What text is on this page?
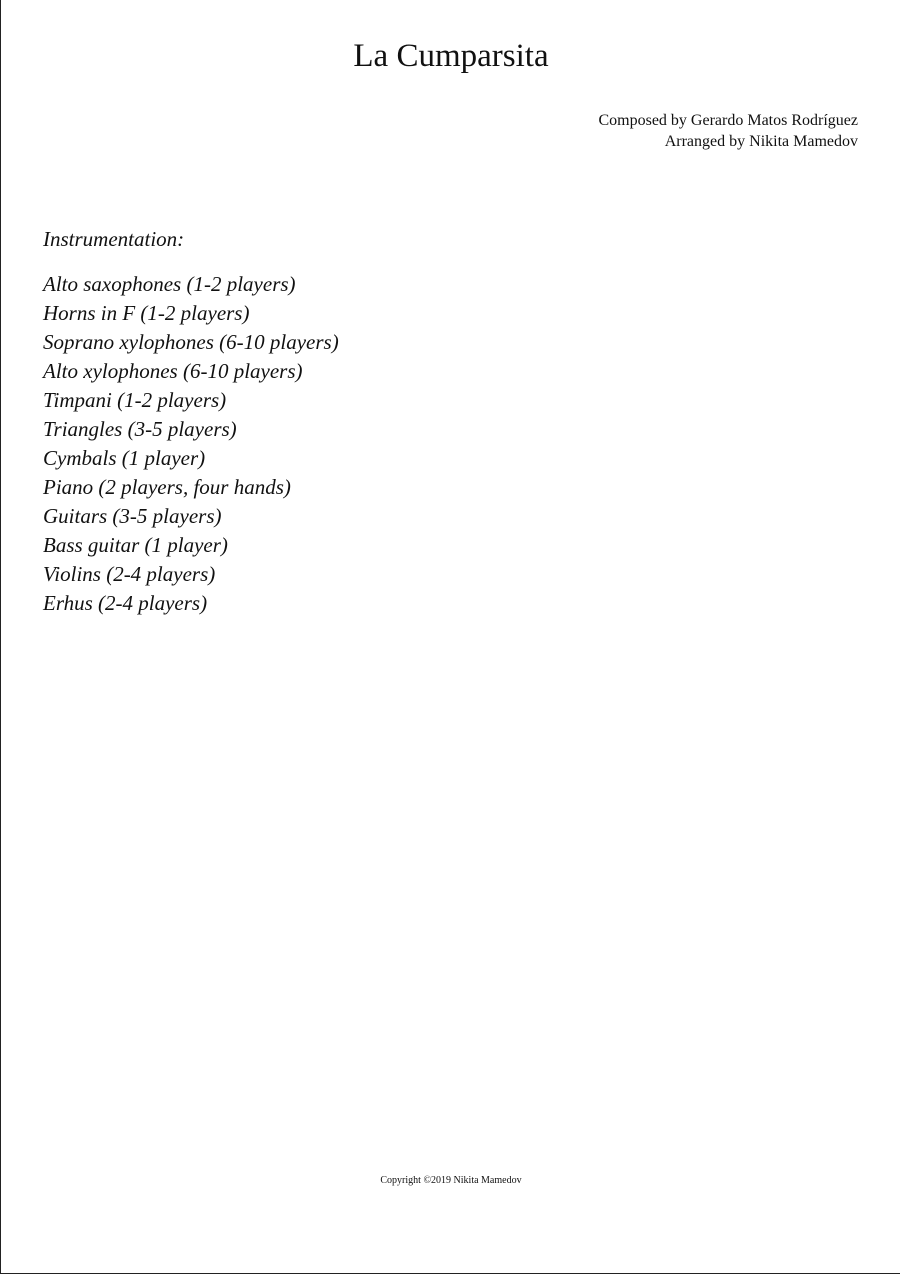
La Cumparsita
Composed by Gerardo Matos Rodríguez
Arranged by Nikita Mamedov
Instrumentation:
Alto saxophones (1-2 players)
Horns in F (1-2 players)
Soprano xylophones (6-10 players)
Alto xylophones (6-10 players)
Timpani (1-2 players)
Triangles (3-5 players)
Cymbals (1 player)
Piano (2 players, four hands)
Guitars (3-5 players)
Bass guitar (1 player)
Violins (2-4 players)
Erhus (2-4 players)
Copyright ©2019 Nikita Mamedov
